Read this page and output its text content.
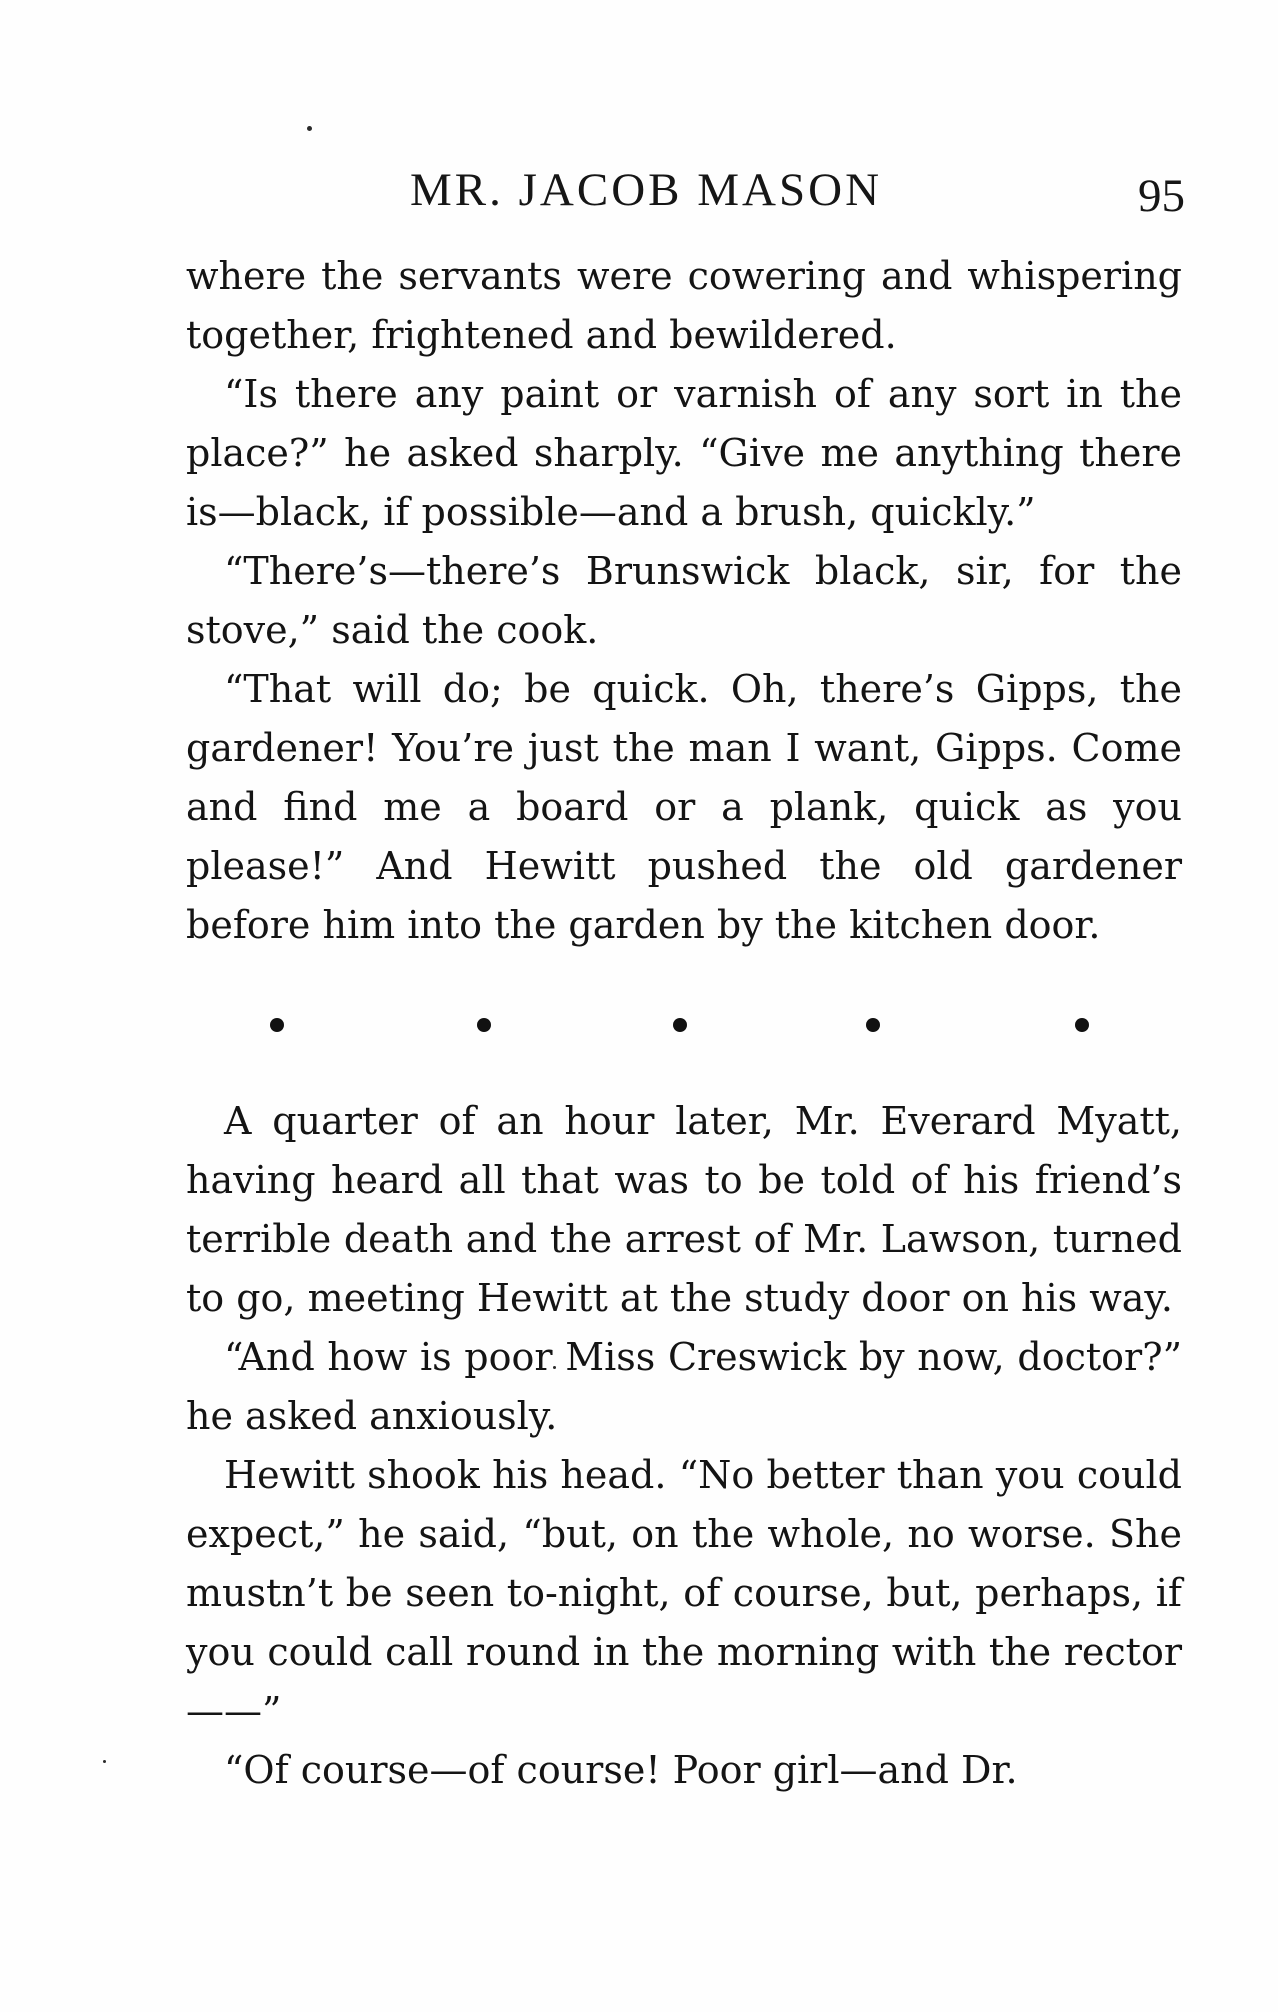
MR. JACOB MASON	95

where the servants were cowering and whispering together, frightened and bewildered.

“Is there any paint or varnish of any sort in the place?” he asked sharply. “Give me anything there is—black, if possible—and a brush, quickly.”

“There’s—there’s Brunswick black, sir, for the stove,” said the cook.

“That will do; be quick. Oh, there’s Gipps, the gardener! You’re just the man I want, Gipps. Come and find me a board or a plank, quick as you please!” And Hewitt pushed the old gardener before him into the garden by the kitchen door.

A quarter of an hour later, Mr. Everard Myatt, having heard all that was to be told of his friend’s terrible death and the arrest of Mr. Lawson, turned to go, meeting Hewitt at the study door on his way.

“And how is poor Miss Creswick by now, doctor?” he asked anxiously.

Hewitt shook his head. “No better than you could expect,” he said, “but, on the whole, no worse. She mustn’t be seen to-night, of course, but, perhaps, if you could call round in the morning with the rector——”

“Of course—of course! Poor girl—and Dr.
